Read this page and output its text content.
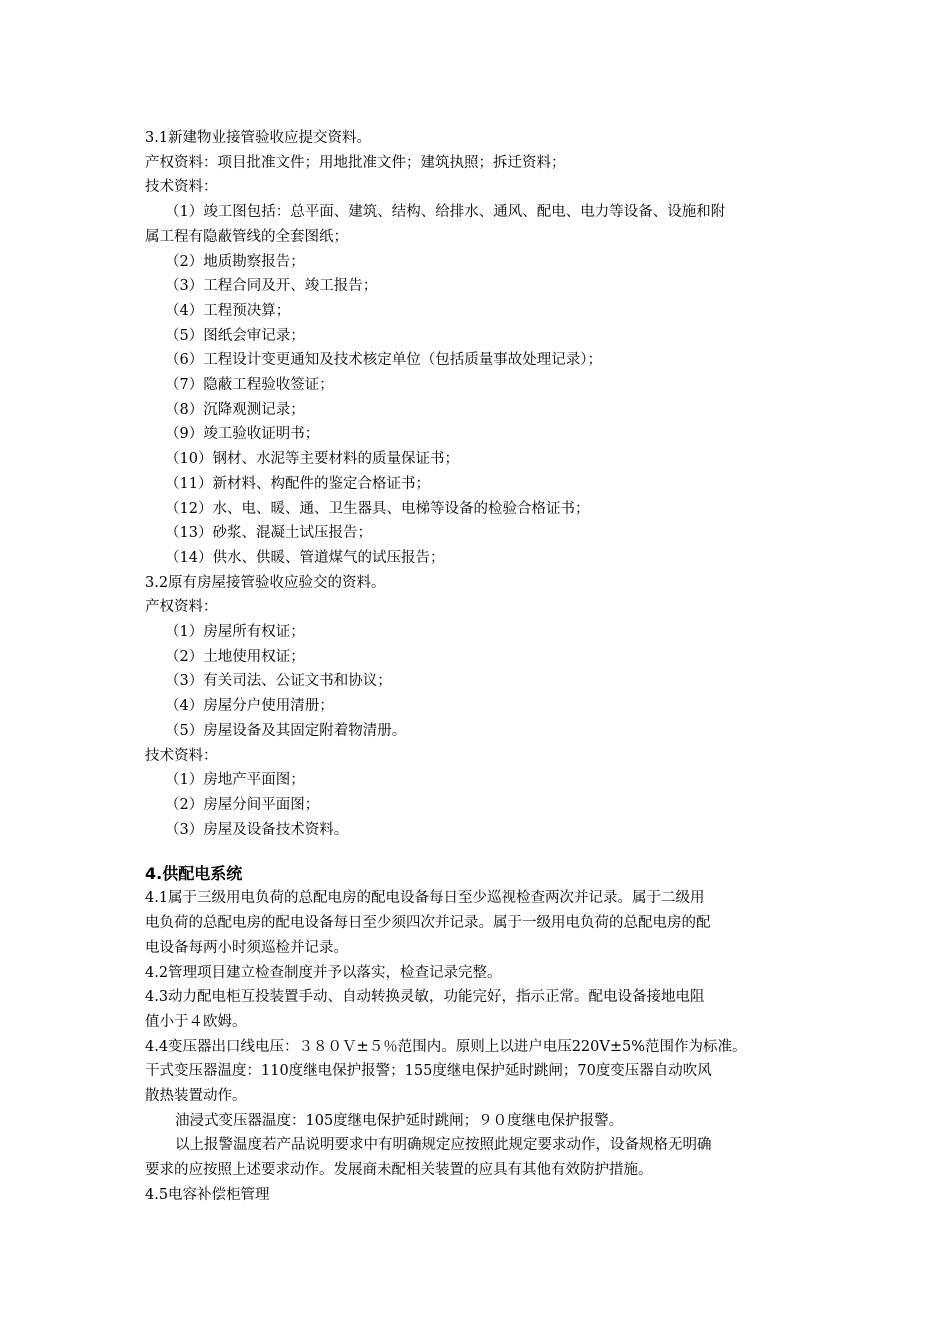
3.1新建物业接管验收应提交资料。

产权资料：项目批准文件；用地批准文件；建筑执照；拆迁资料；

技术资料：

（1）竣工图包括：总平面、建筑、结构、给排水、通风、配电、电力等设备、设施和附

属工程有隐蔽管线的全套图纸；

（2）地质勘察报告；

（3）工程合同及开、竣工报告；

（4）工程预决算；

（5）图纸会审记录；

（6）工程设计变更通知及技术核定单位（包括质量事故处理记录）；

（7）隐蔽工程验收签证；

（8）沉降观测记录；

（9）竣工验收证明书；

（10）钢材、水泥等主要材料的质量保证书；

（11）新材料、构配件的鉴定合格证书；

（12）水、电、暖、通、卫生器具、电梯等设备的检验合格证书；

（13）砂浆、混凝土试压报告；

（14）供水、供暖、管道煤气的试压报告；

3.2原有房屋接管验收应验交的资料。

产权资料：

（1）房屋所有权证；

（2）土地使用权证；

（3）有关司法、公证文书和协议；

（4）房屋分户使用清册；

（5）房屋设备及其固定附着物清册。

技术资料：

（1）房地产平面图；

（2）房屋分间平面图；

（3）房屋及设备技术资料。

4.供配电系统

4.1属于三级用电负荷的总配电房的配电设备每日至少巡视检查两次并记录。属于二级用

电负荷的总配电房的配电设备每日至少须四次并记录。属于一级用电负荷的总配电房的配

电设备每两小时须巡检并记录。

4.2管理项目建立检查制度并予以落实，检查记录完整。

4.3动力配电柜互投装置手动、自动转换灵敏，功能完好，指示正常。配电设备接地电阻

值小于４欧姆。

4.4变压器出口线电压：３８０Ｖ±５％范围内。原则上以进户电压220V±5%范围作为标准。

干式变压器温度：110度继电保护报警；155度继电保护延时跳闸；70度变压器自动吹风

散热装置动作。

油浸式变压器温度：105度继电保护延时跳闸；９０度继电保护报警。

以上报警温度若产品说明要求中有明确规定应按照此规定要求动作，设备规格无明确

要求的应按照上述要求动作。发展商未配相关装置的应具有其他有效防护措施。

4.5电容补偿柜管理
